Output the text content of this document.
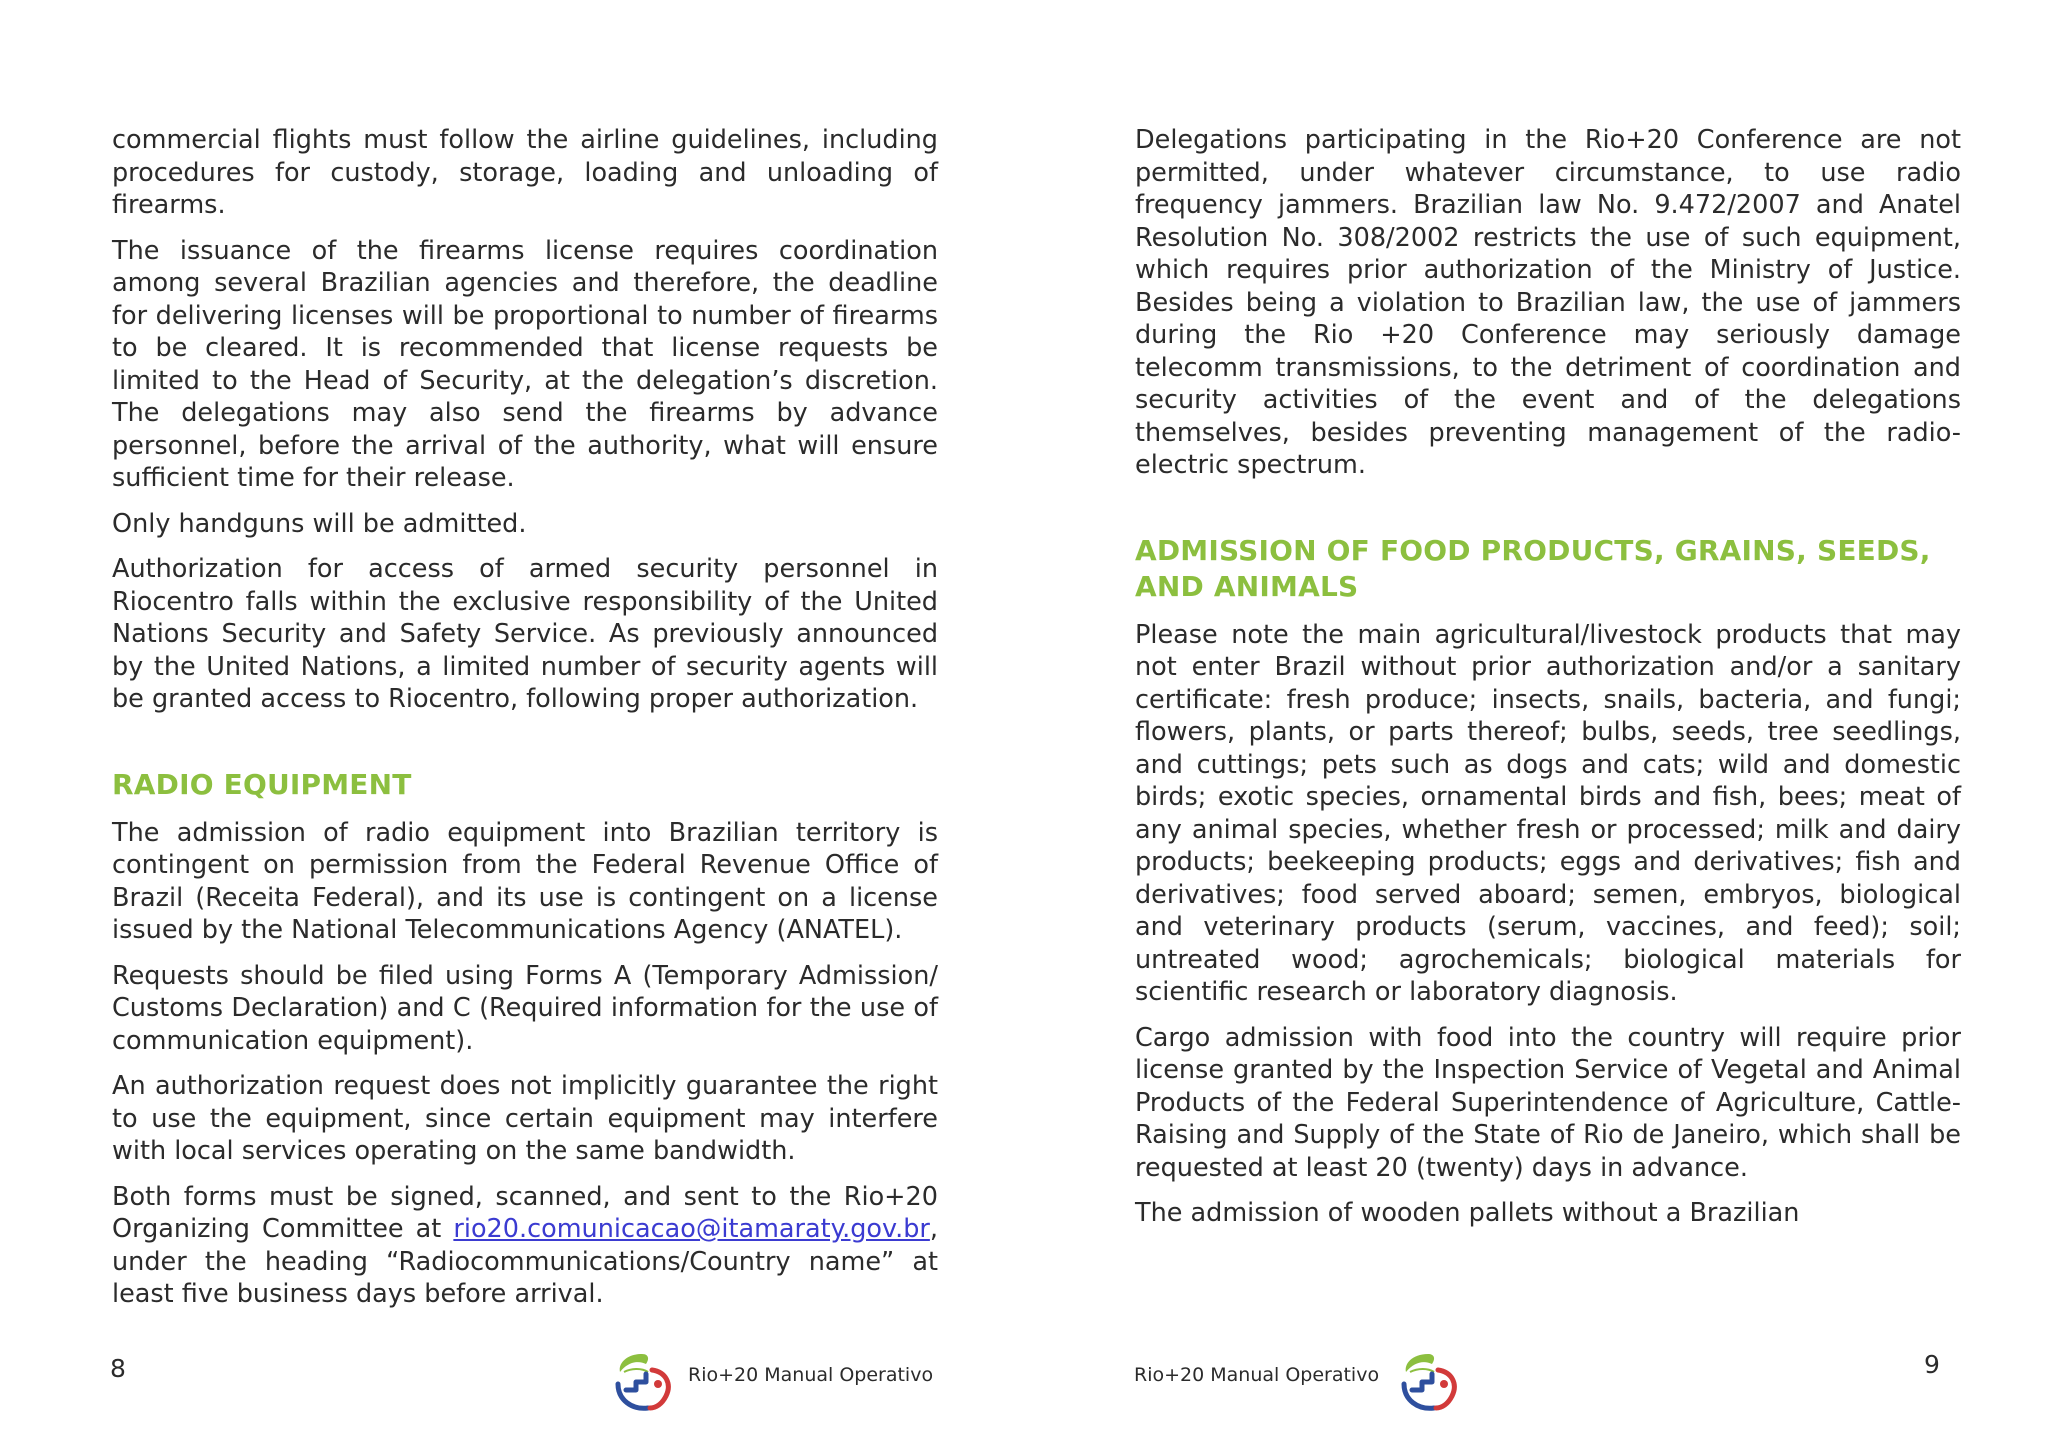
commercial flights must follow the airline guidelines, including procedures for custody, storage, loading and unloading of firearms.

The issuance of the firearms license requires coordination among several Brazilian agencies and therefore, the deadline for delivering licenses will be proportional to number of firearms to be cleared. It is recommended that license requests be limited to the Head of Security, at the delegation’s discretion. The delegations may also send the firearms by advance personnel, before the arrival of the authority, what will ensure sufficient time for their release.

Only handguns will be admitted.

Authorization for access of armed security personnel in Riocentro falls within the exclusive responsibility of the United Nations Security and Safety Service. As previously announced by the United Nations, a limited number of security agents will be granted access to Riocentro, following proper authorization.

RADIO EQUIPMENT

The admission of radio equipment into Brazilian territory is contingent on permission from the Federal Revenue Office of Brazil (Receita Federal), and its use is contingent on a license issued by the National Telecommunications Agency (ANATEL).

Requests should be filed using Forms A (Temporary Admission/ Customs Declaration) and C (Required information for the use of communication equipment).

An authorization request does not implicitly guarantee the right to use the equipment, since certain equipment may interfere with local services operating on the same bandwidth.

Both forms must be signed, scanned, and sent to the Rio+20 Organizing Committee at rio20.comunicacao@itamaraty.gov.br, under the heading “Radiocommunications/Country name” at least five business days before arrival.

8	Rio+20 Manual Operativo

Delegations participating in the Rio+20 Conference are not permitted, under whatever circumstance, to use radio frequency jammers. Brazilian law No. 9.472/2007 and Anatel Resolution No. 308/2002 restricts the use of such equipment, which requires prior authorization of the Ministry of Justice. Besides being a violation to Brazilian law, the use of jammers during the Rio +20 Conference may seriously damage telecomm transmissions, to the detriment of coordination and security activities of the event and of the delegations themselves, besides preventing management of the radio-electric spectrum.

ADMISSION OF FOOD PRODUCTS, GRAINS, SEEDS, AND ANIMALS

Please note the main agricultural/livestock products that may not enter Brazil without prior authorization and/or a sanitary certificate: fresh produce; insects, snails, bacteria, and fungi; flowers, plants, or parts thereof; bulbs, seeds, tree seedlings, and cuttings; pets such as dogs and cats; wild and domestic birds; exotic species, ornamental birds and fish, bees; meat of any animal species, whether fresh or processed; milk and dairy products; beekeeping products; eggs and derivatives; fish and derivatives; food served aboard; semen, embryos, biological and veterinary products (serum, vaccines, and feed); soil; untreated wood; agrochemicals; biological materials for scientific research or laboratory diagnosis.

Cargo admission with food into the country will require prior license granted by the Inspection Service of Vegetal and Animal Products of the Federal Superintendence of Agriculture, Cattle-Raising and Supply of the State of Rio de Janeiro, which shall be requested at least 20 (twenty) days in advance.

The admission of wooden pallets without a Brazilian

Rio+20 Manual Operativo	9
